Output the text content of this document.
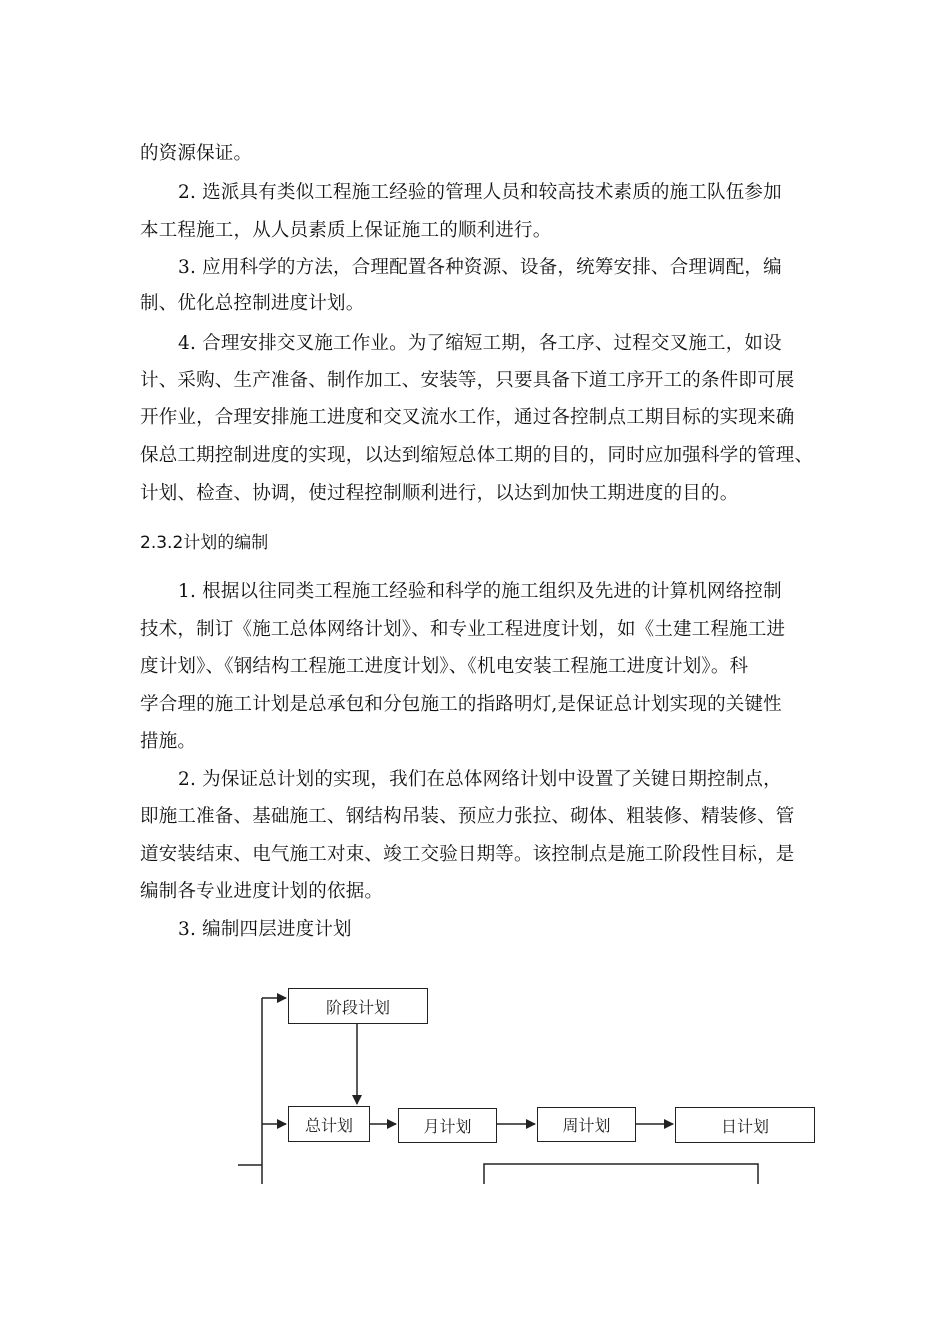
的资源保证。
2. 选派具有类似工程施工经验的管理人员和较高技术素质的施工队伍参加
本工程施工，从人员素质上保证施工的顺利进行。
3. 应用科学的方法，合理配置各种资源、设备，统筹安排、合理调配，编
制、优化总控制进度计划。
4. 合理安排交叉施工作业。为了缩短工期，各工序、过程交叉施工，如设
计、采购、生产准备、制作加工、安装等，只要具备下道工序开工的条件即可展
开作业，合理安排施工进度和交叉流水工作，通过各控制点工期目标的实现来确
保总工期控制进度的实现，以达到缩短总体工期的目的，同时应加强科学的管理、
计划、检查、协调，使过程控制顺利进行，以达到加快工期进度的目的。
2.3.2计划的编制
1. 根据以往同类工程施工经验和科学的施工组织及先进的计算机网络控制
技术，制订《施工总体网络计划》、和专业工程进度计划，如《土建工程施工进
度计划》、《钢结构工程施工进度计划》、《机电安装工程施工进度计划》。科
学合理的施工计划是总承包和分包施工的指路明灯,是保证总计划实现的关键性
措施。
2. 为保证总计划的实现，我们在总体网络计划中设置了关键日期控制点，
即施工准备、基础施工、钢结构吊装、预应力张拉、砌体、粗装修、精装修、管
道安装结束、电气施工对束、竣工交验日期等。该控制点是施工阶段性目标，是
编制各专业进度计划的依据。
3. 编制四层进度计划
阶段计划
总计划	月计划	周计划	日计划
